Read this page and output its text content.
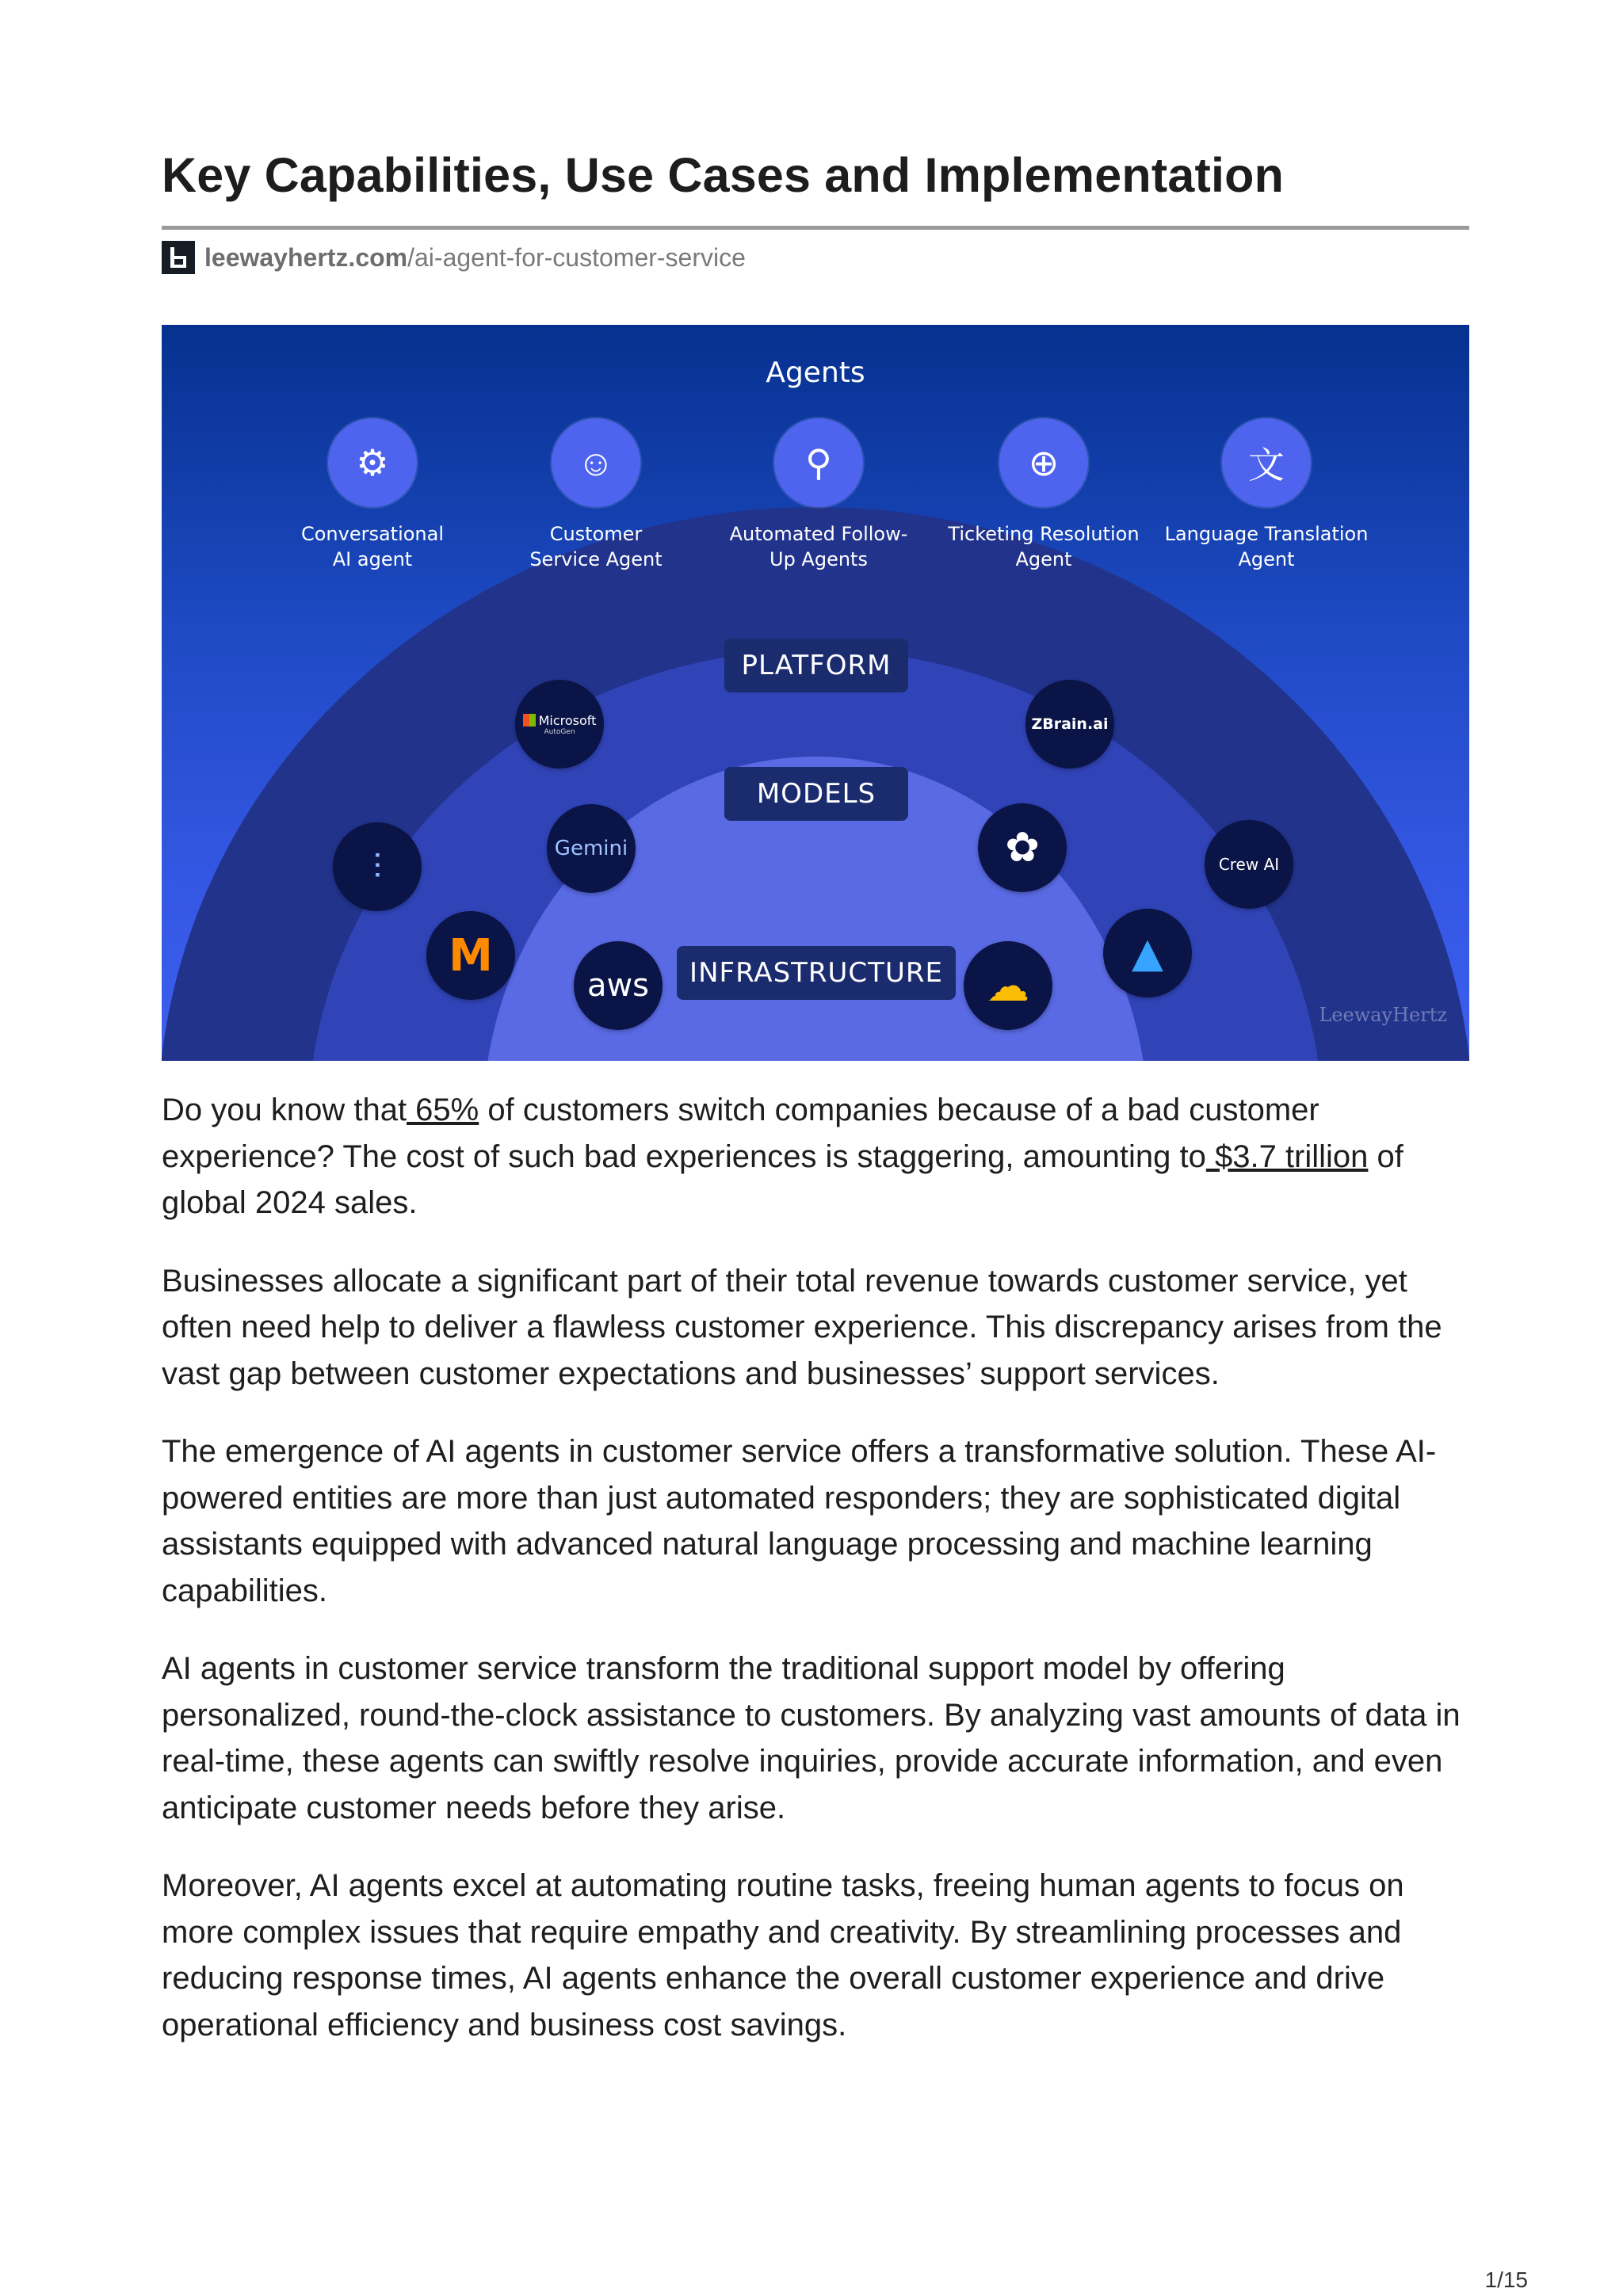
Key Capabilities, Use Cases and Implementation
leewayhertz.com /ai-agent-for-customer-service
Agents
⚙
Conversational
AI agent
☺
Customer
Service Agent
⚲
Automated Follow-
Up Agents
⊕
Ticketing Resolution
Agent
文
Language Translation
Agent
PLATFORM
MODELS
INFRASTRUCTURE
Microsoft
AutoGen	ZBrain.ai
⫶	Gemini	✿	Crew AI
M	▲
aws	☁
LeewayHertz

Do you know that 65% of customers switch companies because of a bad customer experience? The cost of such bad experiences is staggering, amounting to $3.7 trillion of global 2024 sales.

Businesses allocate a significant part of their total revenue towards customer service, yet often need help to deliver a flawless customer experience. This discrepancy arises from the vast gap between customer expectations and businesses’ support services.

The emergence of AI agents in customer service offers a transformative solution. These AI-powered entities are more than just automated responders; they are sophisticated digital assistants equipped with advanced natural language processing and machine learning capabilities.

AI agents in customer service transform the traditional support model by offering personalized, round-the-clock assistance to customers. By analyzing vast amounts of data in real-time, these agents can swiftly resolve inquiries, provide accurate information, and even anticipate customer needs before they arise.

Moreover, AI agents excel at automating routine tasks, freeing human agents to focus on more complex issues that require empathy and creativity. By streamlining processes and reducing response times, AI agents enhance the overall customer experience and drive operational efficiency and business cost savings.

1/15
